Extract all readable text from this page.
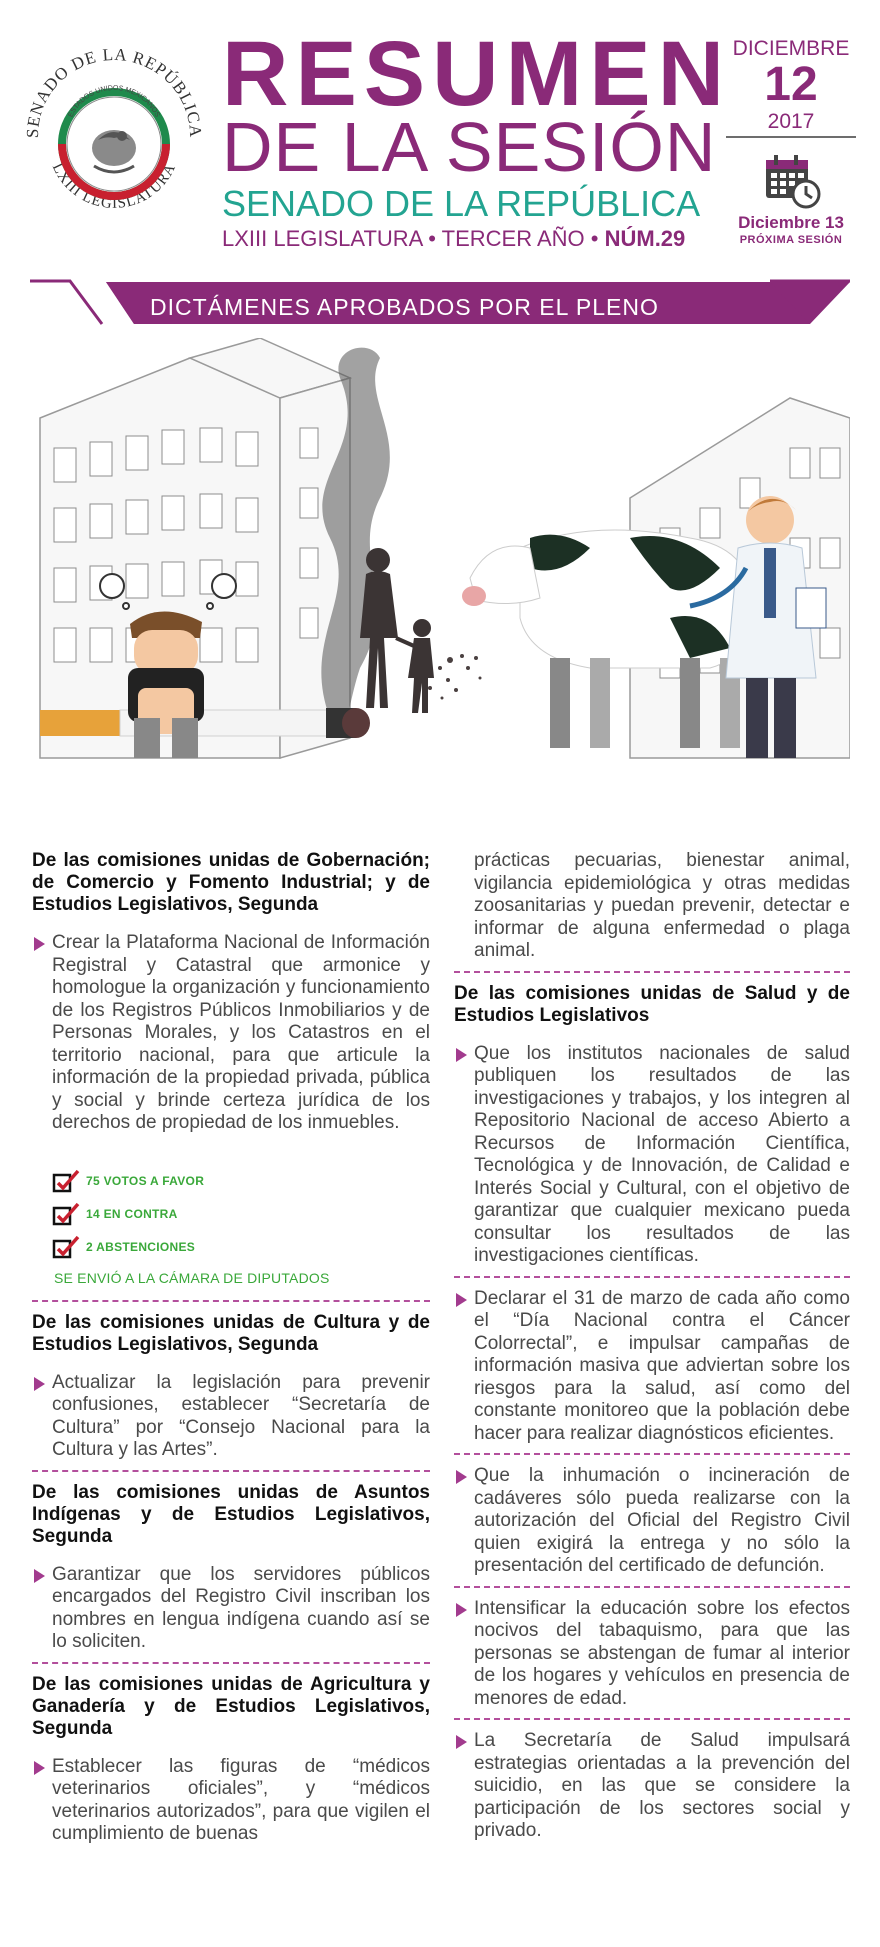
SENADO DE LA REPÚBLICA
LXIII LEGISLATURA
ESTADOS UNIDOS MEXICANOS RESUMEN
DE LA SESIÓN
SENADO DE LA REPÚBLICA
LXIII LEGISLATURA • TERCER AÑO • NÚM.29
DICIEMBRE
12
2017
Diciembre 13
PRÓXIMA SESIÓN
DICTÁMENES APROBADOS POR EL PLENO
De las comisiones unidas de Gobernación; de Comercio y Fomento Industrial; y de Estudios Legislativos, Segunda
Crear la Plataforma Nacional de Información Registral y Catastral que armonice y homologue la organización y funcionamiento de los Registros Públicos Inmobiliarios y de Personas Morales, y los Catastros en el territorio nacional, para que articule la información de la propiedad privada, pública y social y brinde certeza jurídica de los derechos de propiedad de los inmuebles.
75 VOTOS A FAVOR
14 EN CONTRA
2 ABSTENCIONES
SE ENVIÓ A LA CÁMARA DE DIPUTADOS
De las comisiones unidas de Cultura y de Estudios Legislativos, Segunda
Actualizar la legislación para prevenir confusiones, establecer “Secretaría de Cultura” por “Consejo Nacional para la Cultura y las Artes”.
De las comisiones unidas de Asuntos Indígenas y de Estudios Legislativos, Segunda
Garantizar que los servidores públicos encargados del Registro Civil inscriban los nombres en lengua indígena cuando así se lo soliciten.
De las comisiones unidas de Agricultura y Ganadería y de Estudios Legislativos, Segunda
Establecer las figuras de “médicos veterinarios oficiales”, y “médicos veterinarios autorizados”, para que vigilen el cumplimiento de buenas
prácticas pecuarias, bienestar animal, vigilancia epidemiológica y otras medidas zoosanitarias y puedan prevenir, detectar e informar de alguna enfermedad o plaga animal.
De las comisiones unidas de Salud y de Estudios Legislativos
Que los institutos nacionales de salud publiquen los resultados de las investigaciones y trabajos, y los integren al Repositorio Nacional de acceso Abierto a Recursos de Información Científica, Tecnológica y de Innovación, de Calidad e Interés Social y Cultural, con el objetivo de garantizar que cualquier mexicano pueda consultar los resultados de las investigaciones científicas.
Declarar el 31 de marzo de cada año como el “Día Nacional contra el Cáncer Colorrectal”, e impulsar campañas de información masiva que adviertan sobre los riesgos para la salud, así como del constante monitoreo que la población debe hacer para realizar diagnósticos eficientes.
Que la inhumación o incineración de cadáveres sólo pueda realizarse con la autorización del Oficial del Registro Civil quien exigirá la entrega y no sólo la presentación del certificado de defunción.
Intensificar la educación sobre los efectos nocivos del tabaquismo, para que las personas se abstengan de fumar al interior de los hogares y vehículos en presencia de menores de edad.
La Secretaría de Salud impulsará estrategias orientadas a la prevención del suicidio, en las que se considere la participación de los sectores social y privado.
